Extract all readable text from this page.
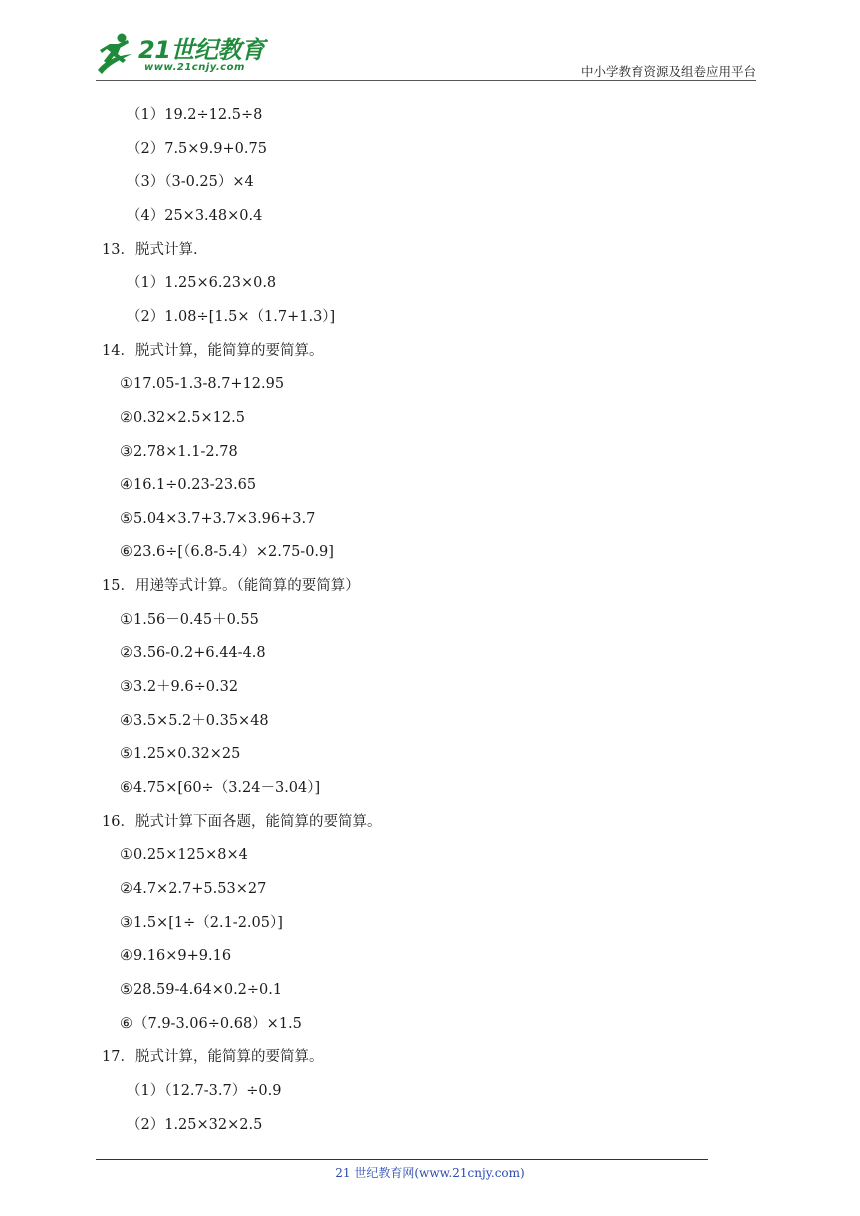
21世纪教育
www.21cnjy.com	中小学教育资源及组卷应用平台
（1）19.2÷12.5÷8
（2）7.5×9.9+0.75
（3）（3-0.25）×4
（4）25×3.48×0.4
13．脱式计算.
（1）1.25×6.23×0.8
（2）1.08÷[1.5×（1.7+1.3）]
14．脱式计算，能简算的要简算。
①17.05-1.3-8.7+12.95
②0.32×2.5×12.5
③2.78×1.1-2.78
④16.1÷0.23-23.65
⑤5.04×3.7+3.7×3.96+3.7
⑥23.6÷[（6.8-5.4）×2.75-0.9]
15．用递等式计算。（能简算的要简算）
①1.56－0.45＋0.55
②3.56-0.2+6.44-4.8
③3.2＋9.6÷0.32
④3.5×5.2＋0.35×48
⑤1.25×0.32×25
⑥4.75×[60÷（3.24－3.04）]
16．脱式计算下面各题，能简算的要简算。
①0.25×125×8×4
②4.7×2.7+5.53×27
③1.5×[1÷（2.1-2.05）]
④9.16×9+9.16
⑤28.59-4.64×0.2÷0.1
⑥（7.9-3.06÷0.68）×1.5
17．脱式计算，能简算的要简算。
（1）（12.7-3.7）÷0.9
（2）1.25×32×2.5
21 世纪教育网(www.21cnjy.com)
